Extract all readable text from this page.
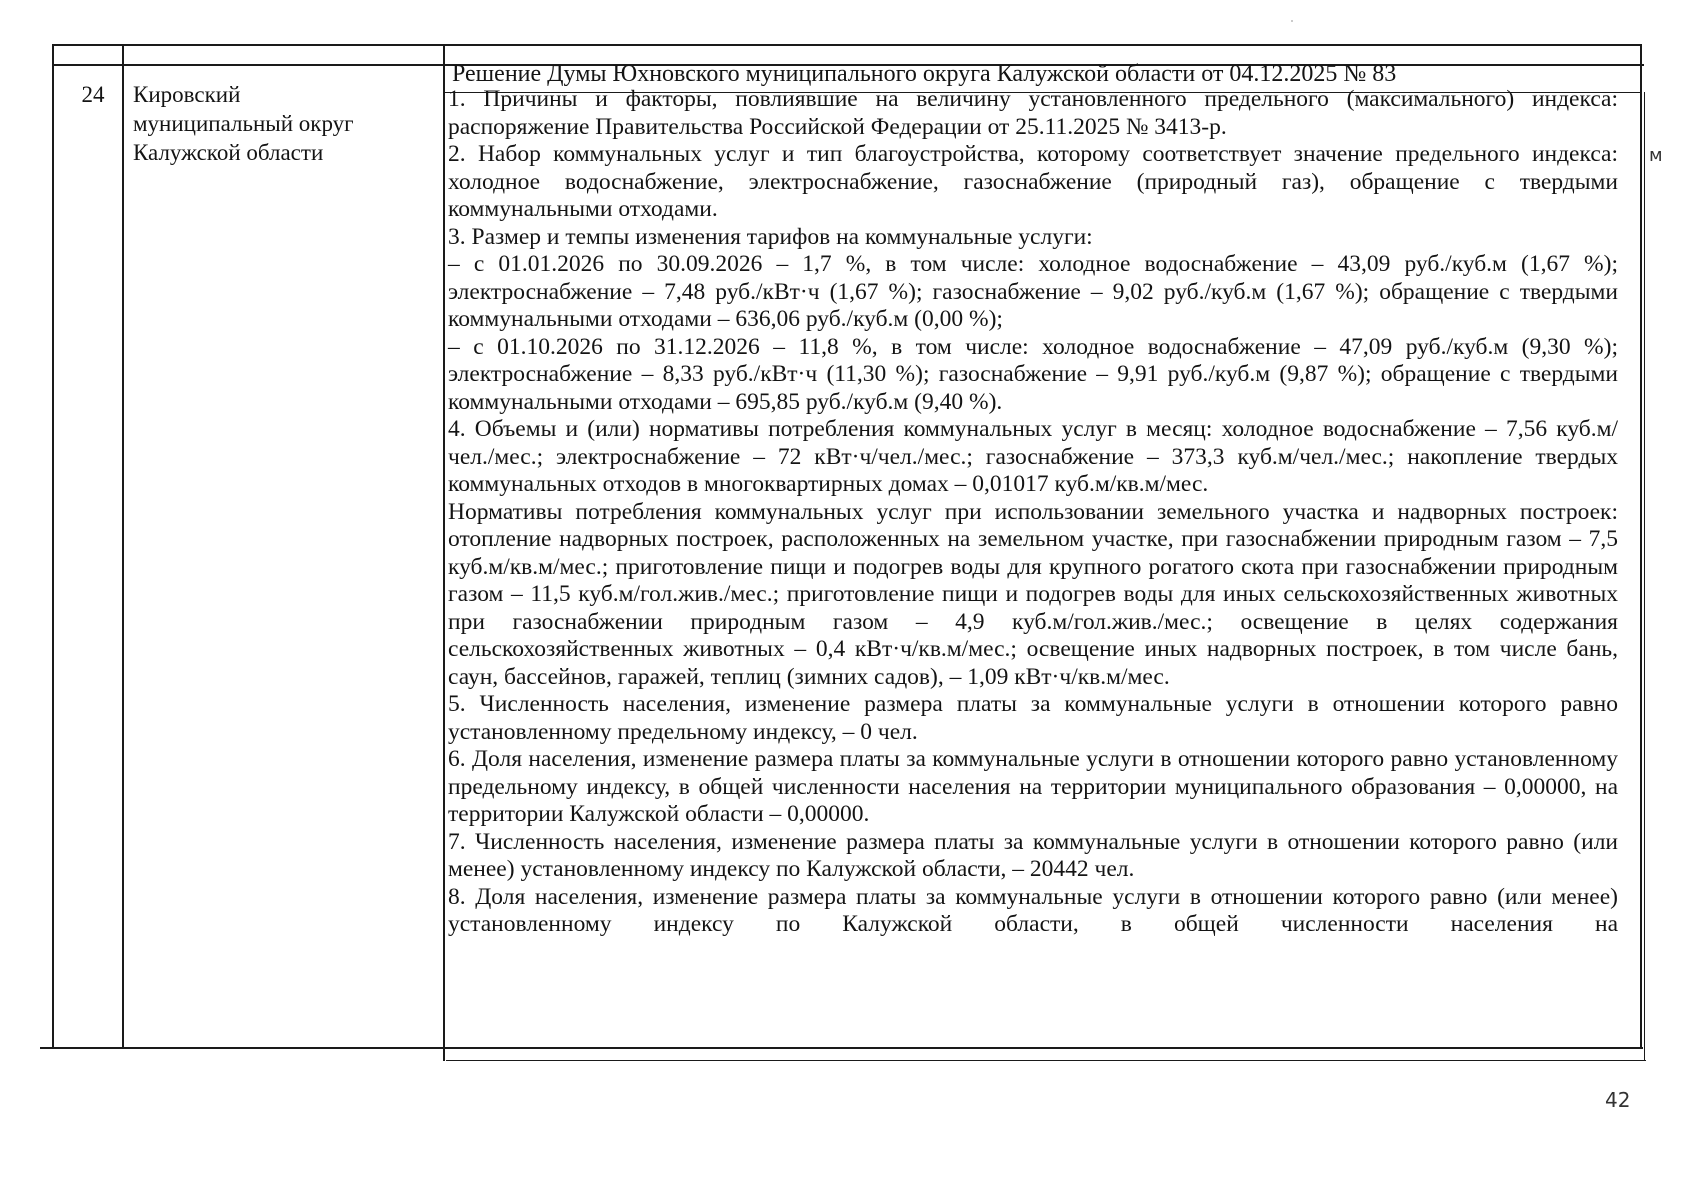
Решение Думы Юхновского муниципального округа Калужской области от 04.12.2025 № 83
24	Кировский
муниципальный округ
Калужской области

1. Причины и факторы, повлиявшие на величину установленного предельного (максимального) индекса: распоряжение Правительства Российской Федерации от 25.11.2025 № 3413-р.

2. Набор коммунальных услуг и тип благоустройства, которому соответствует значение предельного индекса: холодное водоснабжение, электроснабжение, газоснабжение (природный газ), обращение с твердыми коммунальными отходами.

3. Размер и темпы изменения тарифов на коммунальные услуги:

– с 01.01.2026 по 30.09.2026 – 1,7 %, в том числе: холодное водоснабжение – 43,09 руб./куб.м (1,67 %); электроснабжение – 7,48 руб./кВт·ч (1,67 %); газоснабжение – 9,02 руб./куб.м (1,67 %); обращение с твердыми коммунальными отходами – 636,06 руб./куб.м (0,00 %);

– с 01.10.2026 по 31.12.2026 – 11,8 %, в том числе: холодное водоснабжение – 47,09 руб./куб.м (9,30 %); электроснабжение – 8,33 руб./кВт·ч (11,30 %); газоснабжение – 9,91 руб./куб.м (9,87 %); обращение с твердыми коммунальными отходами – 695,85 руб./куб.м (9,40 %).

4. Объемы и (или) нормативы потребления коммунальных услуг в месяц: холодное водоснабжение – 7,56 куб.м/чел./мес.; электроснабжение – 72 кВт·ч/чел./мес.; газоснабжение – 373,3 куб.м/чел./мес.; накопление твердых коммунальных отходов в многоквартирных домах – 0,01017 куб.м/кв.м/мес.

Нормативы потребления коммунальных услуг при использовании земельного участка и надворных построек: отопление надворных построек, расположенных на земельном участке, при газоснабжении природным газом – 7,5 куб.м/кв.м/мес.; приготовление пищи и подогрев воды для крупного рогатого скота при газоснабжении природным газом – 11,5 куб.м/гол.жив./мес.; приготовление пищи и подогрев воды для иных сельскохозяйственных животных при газоснабжении природным газом – 4,9 куб.м/гол.жив./мес.; освещение в целях содержания сельскохозяйственных животных – 0,4 кВт·ч/кв.м/мес.; освещение иных надворных построек, в том числе бань, саун, бассейнов, гаражей, теплиц (зимних садов), – 1,09 кВт·ч/кв.м/мес.

5. Численность населения, изменение размера платы за коммунальные услуги в отношении которого равно установленному предельному индексу, – 0 чел.

6. Доля населения, изменение размера платы за коммунальные услуги в отношении которого равно установленному предельному индексу, в общей численности населения на территории муниципального образования – 0,00000, на территории Калужской области – 0,00000.

7. Численность населения, изменение размера платы за коммунальные услуги в отношении которого равно (или менее) установленному индексу по Калужской области, – 20442 чел.

8. Доля населения, изменение размера платы за коммунальные услуги в отношении которого равно (или менее) установленному индексу по Калужской области, в общей численности населения на

м
42
